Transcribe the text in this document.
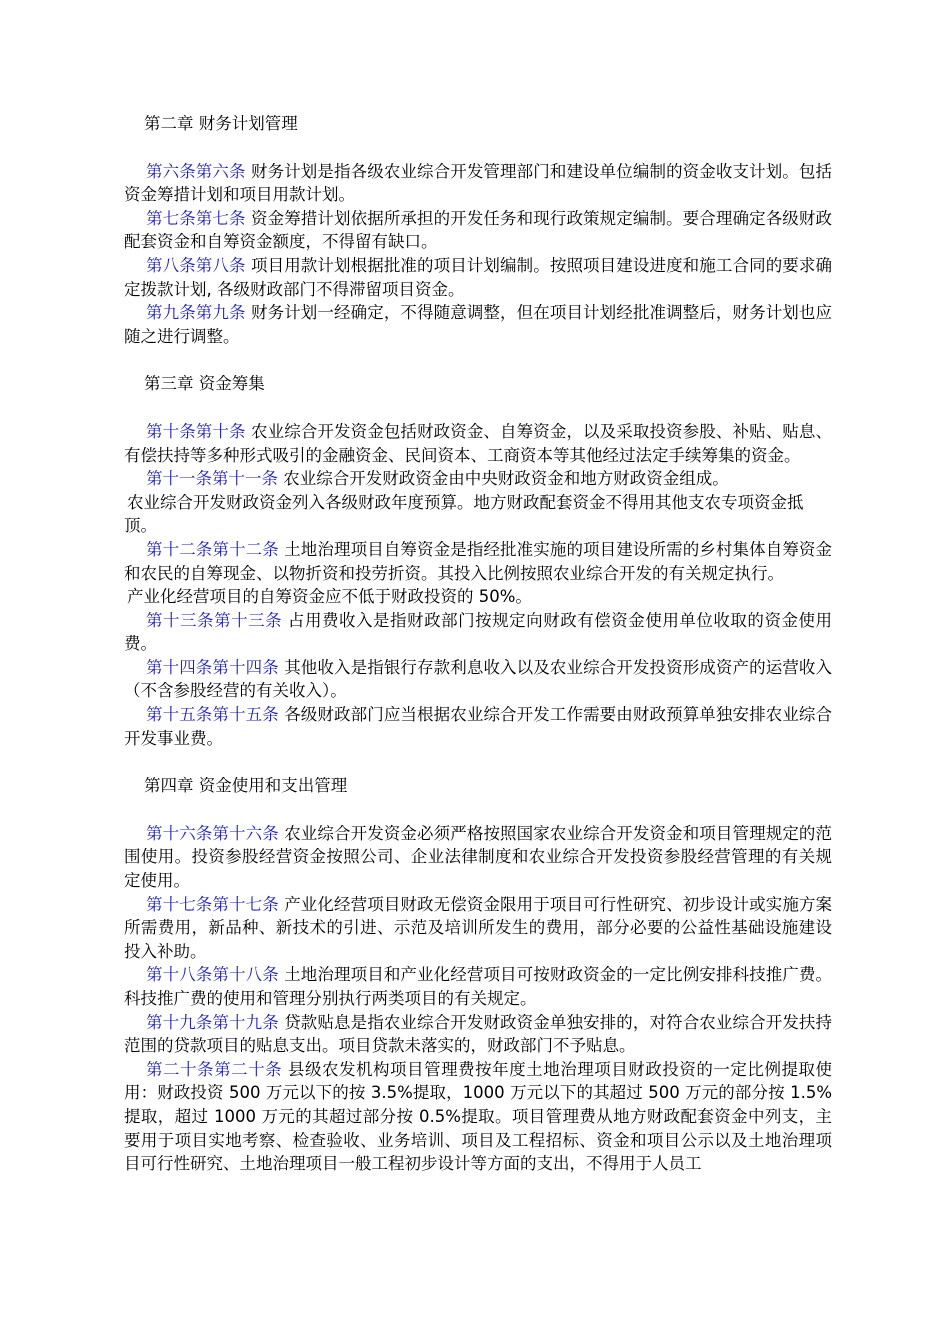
第二章 财务计划管理

第六条第六条 财务计划是指各级农业综合开发管理部门和建设单位编制的资金收支计划。包括资金筹措计划和项目用款计划。

第七条第七条 资金筹措计划依据所承担的开发任务和现行政策规定编制。要合理确定各级财政配套资金和自筹资金额度，不得留有缺口。

第八条第八条 项目用款计划根据批准的项目计划编制。按照项目建设进度和施工合同的要求确定拨款计划, 各级财政部门不得滞留项目资金。

第九条第九条 财务计划一经确定，不得随意调整，但在项目计划经批准调整后，财务计划也应随之进行调整。

第三章 资金筹集

第十条第十条 农业综合开发资金包括财政资金、自筹资金，以及采取投资参股、补贴、贴息、有偿扶持等多种形式吸引的金融资金、民间资本、工商资本等其他经过法定手续筹集的资金。

第十一条第十一条 农业综合开发财政资金由中央财政资金和地方财政资金组成。

农业综合开发财政资金列入各级财政年度预算。地方财政配套资金不得用其他支农专项资金抵顶。

第十二条第十二条 土地治理项目自筹资金是指经批准实施的项目建设所需的乡村集体自筹资金和农民的自筹现金、以物折资和投劳折资。其投入比例按照农业综合开发的有关规定执行。

产业化经营项目的自筹资金应不低于财政投资的 50%。

第十三条第十三条 占用费收入是指财政部门按规定向财政有偿资金使用单位收取的资金使用费。

第十四条第十四条 其他收入是指银行存款利息收入以及农业综合开发投资形成资产的运营收入（不含参股经营的有关收入）。

第十五条第十五条 各级财政部门应当根据农业综合开发工作需要由财政预算单独安排农业综合开发事业费。

第四章 资金使用和支出管理

第十六条第十六条 农业综合开发资金必须严格按照国家农业综合开发资金和项目管理规定的范围使用。投资参股经营资金按照公司、企业法律制度和农业综合开发投资参股经营管理的有关规定使用。

第十七条第十七条 产业化经营项目财政无偿资金限用于项目可行性研究、初步设计或实施方案所需费用，新品种、新技术的引进、示范及培训所发生的费用，部分必要的公益性基础设施建设投入补助。

第十八条第十八条 土地治理项目和产业化经营项目可按财政资金的一定比例安排科技推广费。科技推广费的使用和管理分别执行两类项目的有关规定。

第十九条第十九条 贷款贴息是指农业综合开发财政资金单独安排的，对符合农业综合开发扶持范围的贷款项目的贴息支出。项目贷款未落实的，财政部门不予贴息。

第二十条第二十条 县级农发机构项目管理费按年度土地治理项目财政投资的一定比例提取使用：财政投资 500 万元以下的按 3.5%提取，1000 万元以下的其超过 500 万元的部分按 1.5%提取，超过 1000 万元的其超过部分按 0.5%提取。项目管理费从地方财政配套资金中列支，主要用于项目实地考察、检查验收、业务培训、项目及工程招标、资金和项目公示以及土地治理项目可行性研究、土地治理项目一般工程初步设计等方面的支出，不得用于人员工
